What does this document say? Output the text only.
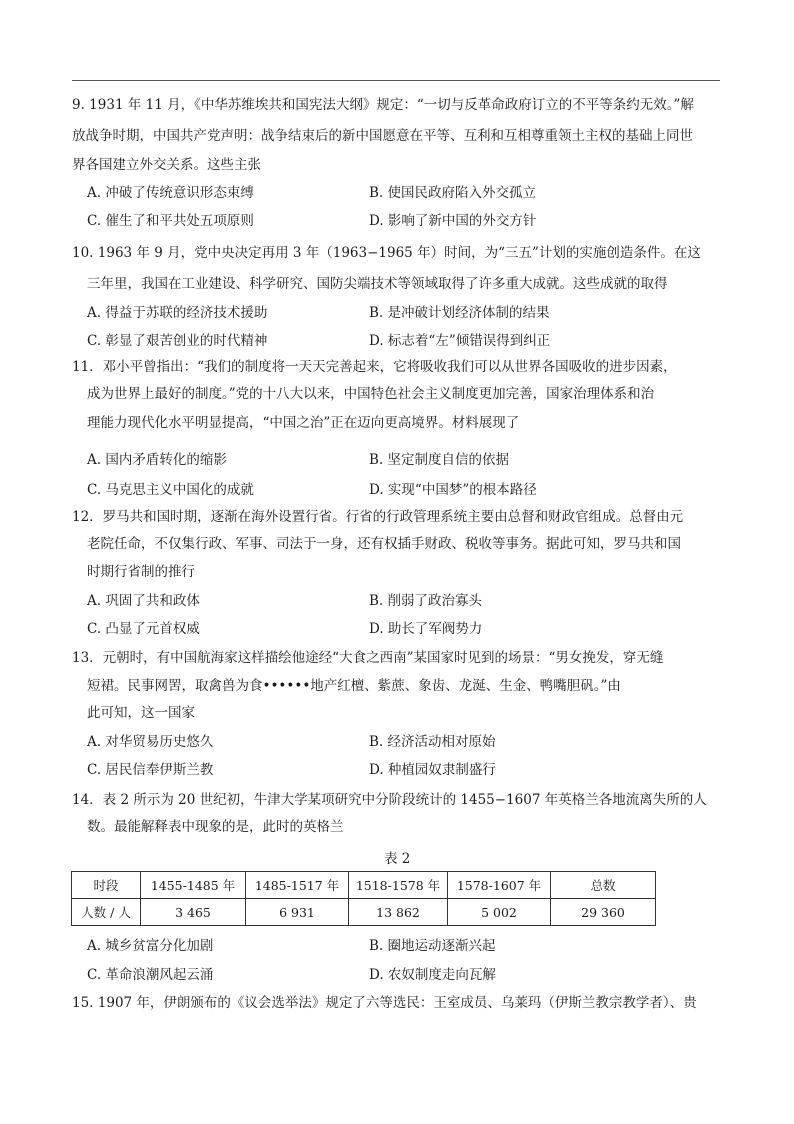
9. 1931 年 11 月，《中华苏维埃共和国宪法大纲》规定：“一切与反革命政府订立的不平等条约无效。”解
放战争时期，中国共产党声明：战争结束后的新中国愿意在平等、互利和互相尊重领土主权的基础上同世
界各国建立外交关系。这些主张
A. 冲破了传统意识形态束缚	B. 使国民政府陷入外交孤立
C. 催生了和平共处五项原则	D. 影响了新中国的外交方针
10. 1963 年 9 月，党中央决定再用 3 年（1963−1965 年）时间，为“三五”计划的实施创造条件。在这
三年里，我国在工业建设、科学研究、国防尖端技术等领域取得了许多重大成就。这些成就的取得
A. 得益于苏联的经济技术援助	B. 是冲破计划经济体制的结果
C. 彰显了艰苦创业的时代精神	D. 标志着“左”倾错误得到纠正
11．邓小平曾指出：“我们的制度将一天天完善起来，它将吸收我们可以从世界各国吸收的进步因素，
成为世界上最好的制度。”党的十八大以来，中国特色社会主义制度更加完善，国家治理体系和治
理能力现代化水平明显提高，“中国之治”正在迈向更高境界。材料展现了
A. 国内矛盾转化的缩影	B. 坚定制度自信的依据
C. 马克思主义中国化的成就	D. 实现“中国梦”的根本路径
12．罗马共和国时期，逐渐在海外设置行省。行省的行政管理系统主要由总督和财政官组成。总督由元
老院任命，不仅集行政、军事、司法于一身，还有权插手财政、税收等事务。据此可知，罗马共和国
时期行省制的推行
A. 巩固了共和政体	B. 削弱了政治寡头
C. 凸显了元首权威	D. 助长了军阀势力
13．元朝时，有中国航海家这样描绘他途经“大食之西南”某国家时见到的场景：“男女挽发，穿无缝
短裙。民事网罟，取禽兽为食••••••地产红檀、紫蔗、象齿、龙涎、生金、鸭嘴胆矾。”由
此可知，这一国家
A. 对华贸易历史悠久	B. 经济活动相对原始
C. 居民信奉伊斯兰教	D. 种植园奴隶制盛行
14．表 2 所示为 20 世纪初，牛津大学某项研究中分阶段统计的 1455−1607 年英格兰各地流离失所的人
数。最能解释表中现象的是，此时的英格兰
表 2
时段	1455-1485 年	1485-1517 年	1518-1578 年	1578-1607 年	总数
人数 / 人	3 465	6 931	13 862	5 002	29 360
A. 城乡贫富分化加剧	B. 圈地运动逐渐兴起
C. 革命浪潮风起云涌	D. 农奴制度走向瓦解
15. 1907 年，伊朗颁布的《议会选举法》规定了六等选民：王室成员、乌莱玛（伊斯兰教宗教学者）、贵
